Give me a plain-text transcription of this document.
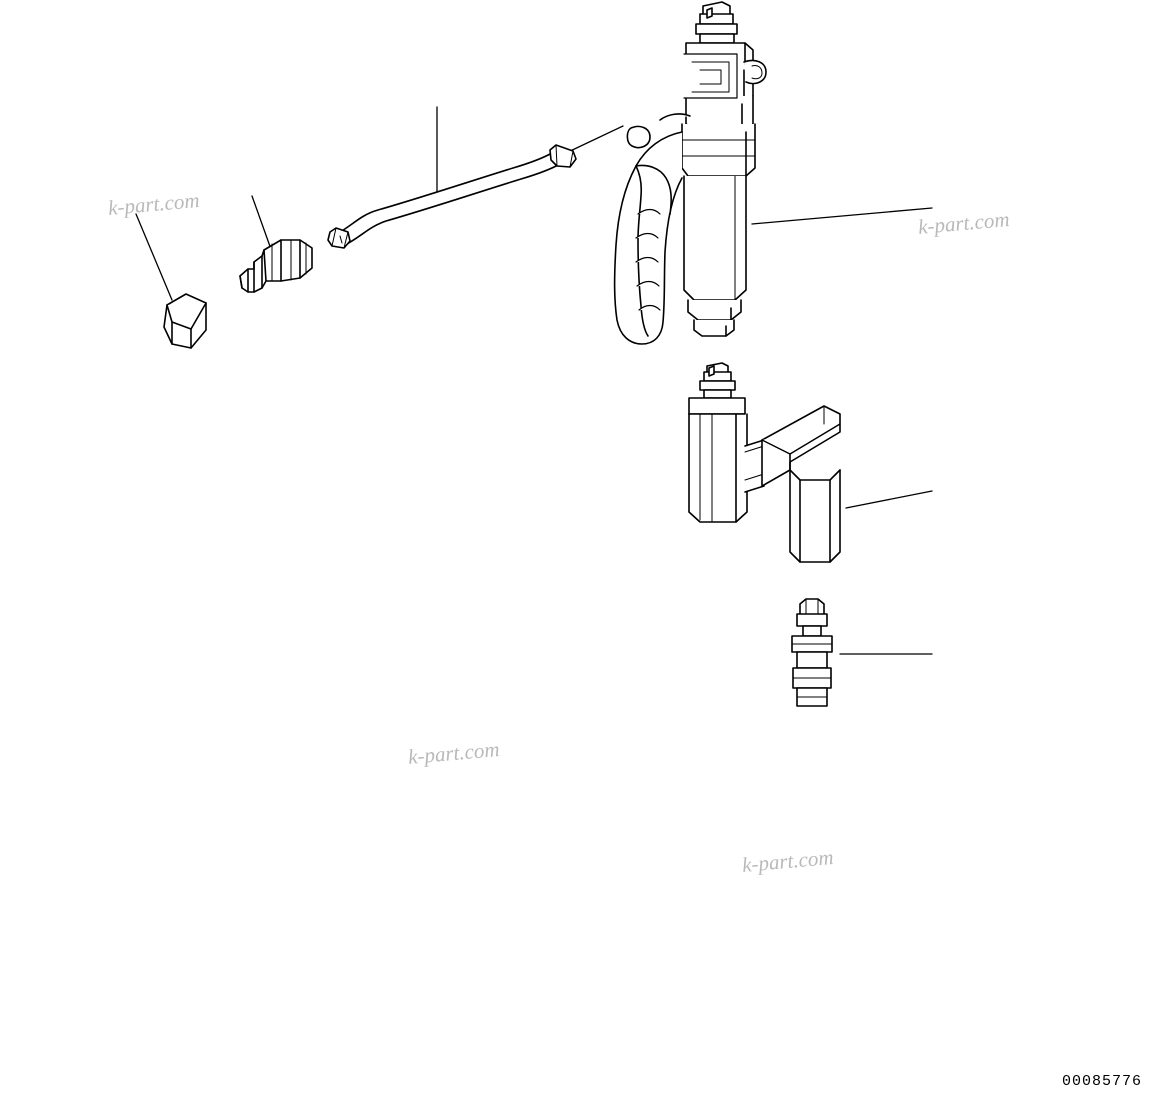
k-part.com
k-part.com
k-part.com
k-part.com
00085776
